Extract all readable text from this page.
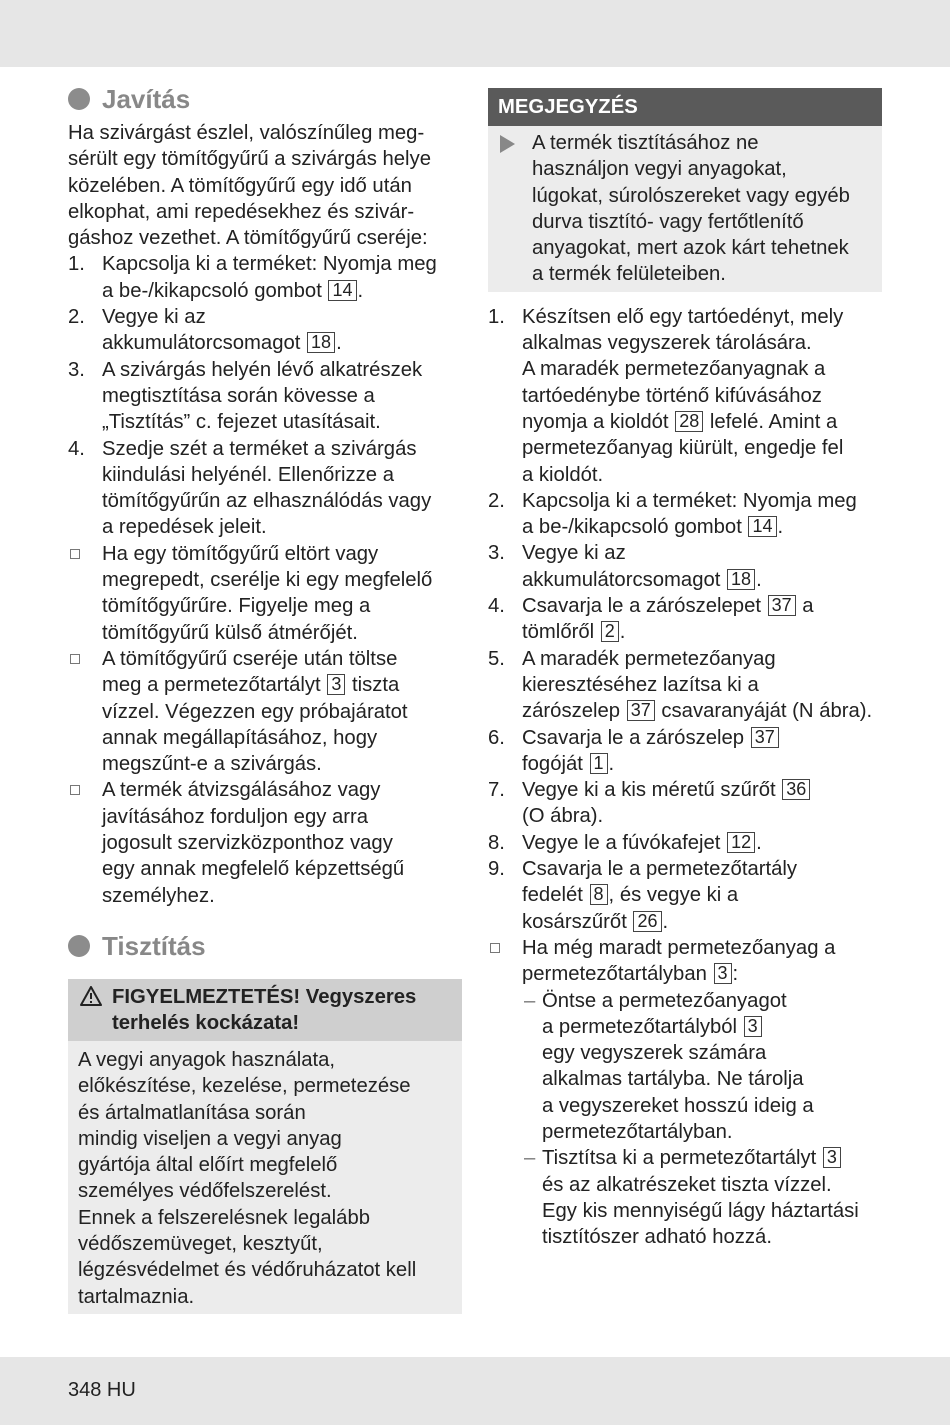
Javítás
Ha szivárgást észlel, valószínűleg meg-
sérült egy tömítőgyűrű a szivárgás helye
közelében. A tömítőgyűrű egy idő után
elkophat, ami repedésekhez és szivár-
gáshoz vezethet. A tömítőgyűrű cseréje:
1. Kapcsolja ki a terméket: Nyomja meg
a be-/kikapcsoló gombot 14 .
2. Vegye ki az
akkumulátorcsomagot 18 .
3. A szivárgás helyén lévő alkatrészek
megtisztítása során kövesse a
„Tisztítás” c. fejezet utasításait.
4. Szedje szét a terméket a szivárgás
kiindulási helyénél. Ellenőrizze a
tömítőgyűrűn az elhasználódás vagy
a repedések jeleit.
Ha egy tömítőgyűrű eltört vagy
megrepedt, cserélje ki egy megfelelő
tömítőgyűrűre. Figyelje meg a
tömítőgyűrű külső átmérőjét.
A tömítőgyűrű cseréje után töltse
meg a permetezőtartályt 3 tiszta
vízzel. Végezzen egy próbajáratot
annak megállapításához, hogy
megszűnt-e a szivárgás.
A termék átvizsgálásához vagy
javításához forduljon egy arra
jogosult szervizközponthoz vagy
egy annak megfelelő képzettségű
személyhez.
Tisztítás
FIGYELMEZTETÉS! Vegyszeres
terhelés kockázata!
A vegyi anyagok használata,
előkészítése, kezelése, permetezése
és ártalmatlanítása során
mindig viseljen a vegyi anyag
gyártója által előírt megfelelő
személyes védőfelszerelést.
Ennek a felszerelésnek legalább
védőszemüveget, kesztyűt,
légzésvédelmet és védőruházatot kell
tartalmaznia.
MEGJEGYZÉS
A termék tisztításához ne
használjon vegyi anyagokat,
lúgokat, súrolószereket vagy egyéb
durva tisztító- vagy fertőtlenítő
anyagokat, mert azok kárt tehetnek
a termék felületeiben.
1. Készítsen elő egy tartóedényt, mely
alkalmas vegyszerek tárolására.
A maradék permetezőanyagnak a
tartóedénybe történő kifúvásához
nyomja a kioldót 28 lefelé. Amint a
permetezőanyag kiürült, engedje fel
a kioldót.
2. Kapcsolja ki a terméket: Nyomja meg
a be-/kikapcsoló gombot 14 .
3. Vegye ki az
akkumulátorcsomagot 18 .
4. Csavarja le a zárószelepet 37 a
tömlőről 2 .
5. A maradék permetezőanyag
kieresztéséhez lazítsa ki a
zárószelep 37 csavaranyáját (N ábra).
6. Csavarja le a zárószelep 37
fogóját 1 .
7. Vegye ki a kis méretű szűrőt 36
(O ábra).
8. Vegye le a fúvókafejet 12 .
9. Csavarja le a permetezőtartály
fedelét 8 , és vegye ki a
kosárszűrőt 26 .
Ha még maradt permetezőanyag a
permetezőtartályban 3 :
– Öntse a permetezőanyagot
a permetezőtartályból 3
egy vegyszerek számára
alkalmas tartályba. Ne tárolja
a vegyszereket hosszú ideig a
permetezőtartályban.
– Tisztítsa ki a permetezőtartályt 3
és az alkatrészeket tiszta vízzel.
Egy kis mennyiségű lágy háztartási
tisztítószer adható hozzá.
348 HU
